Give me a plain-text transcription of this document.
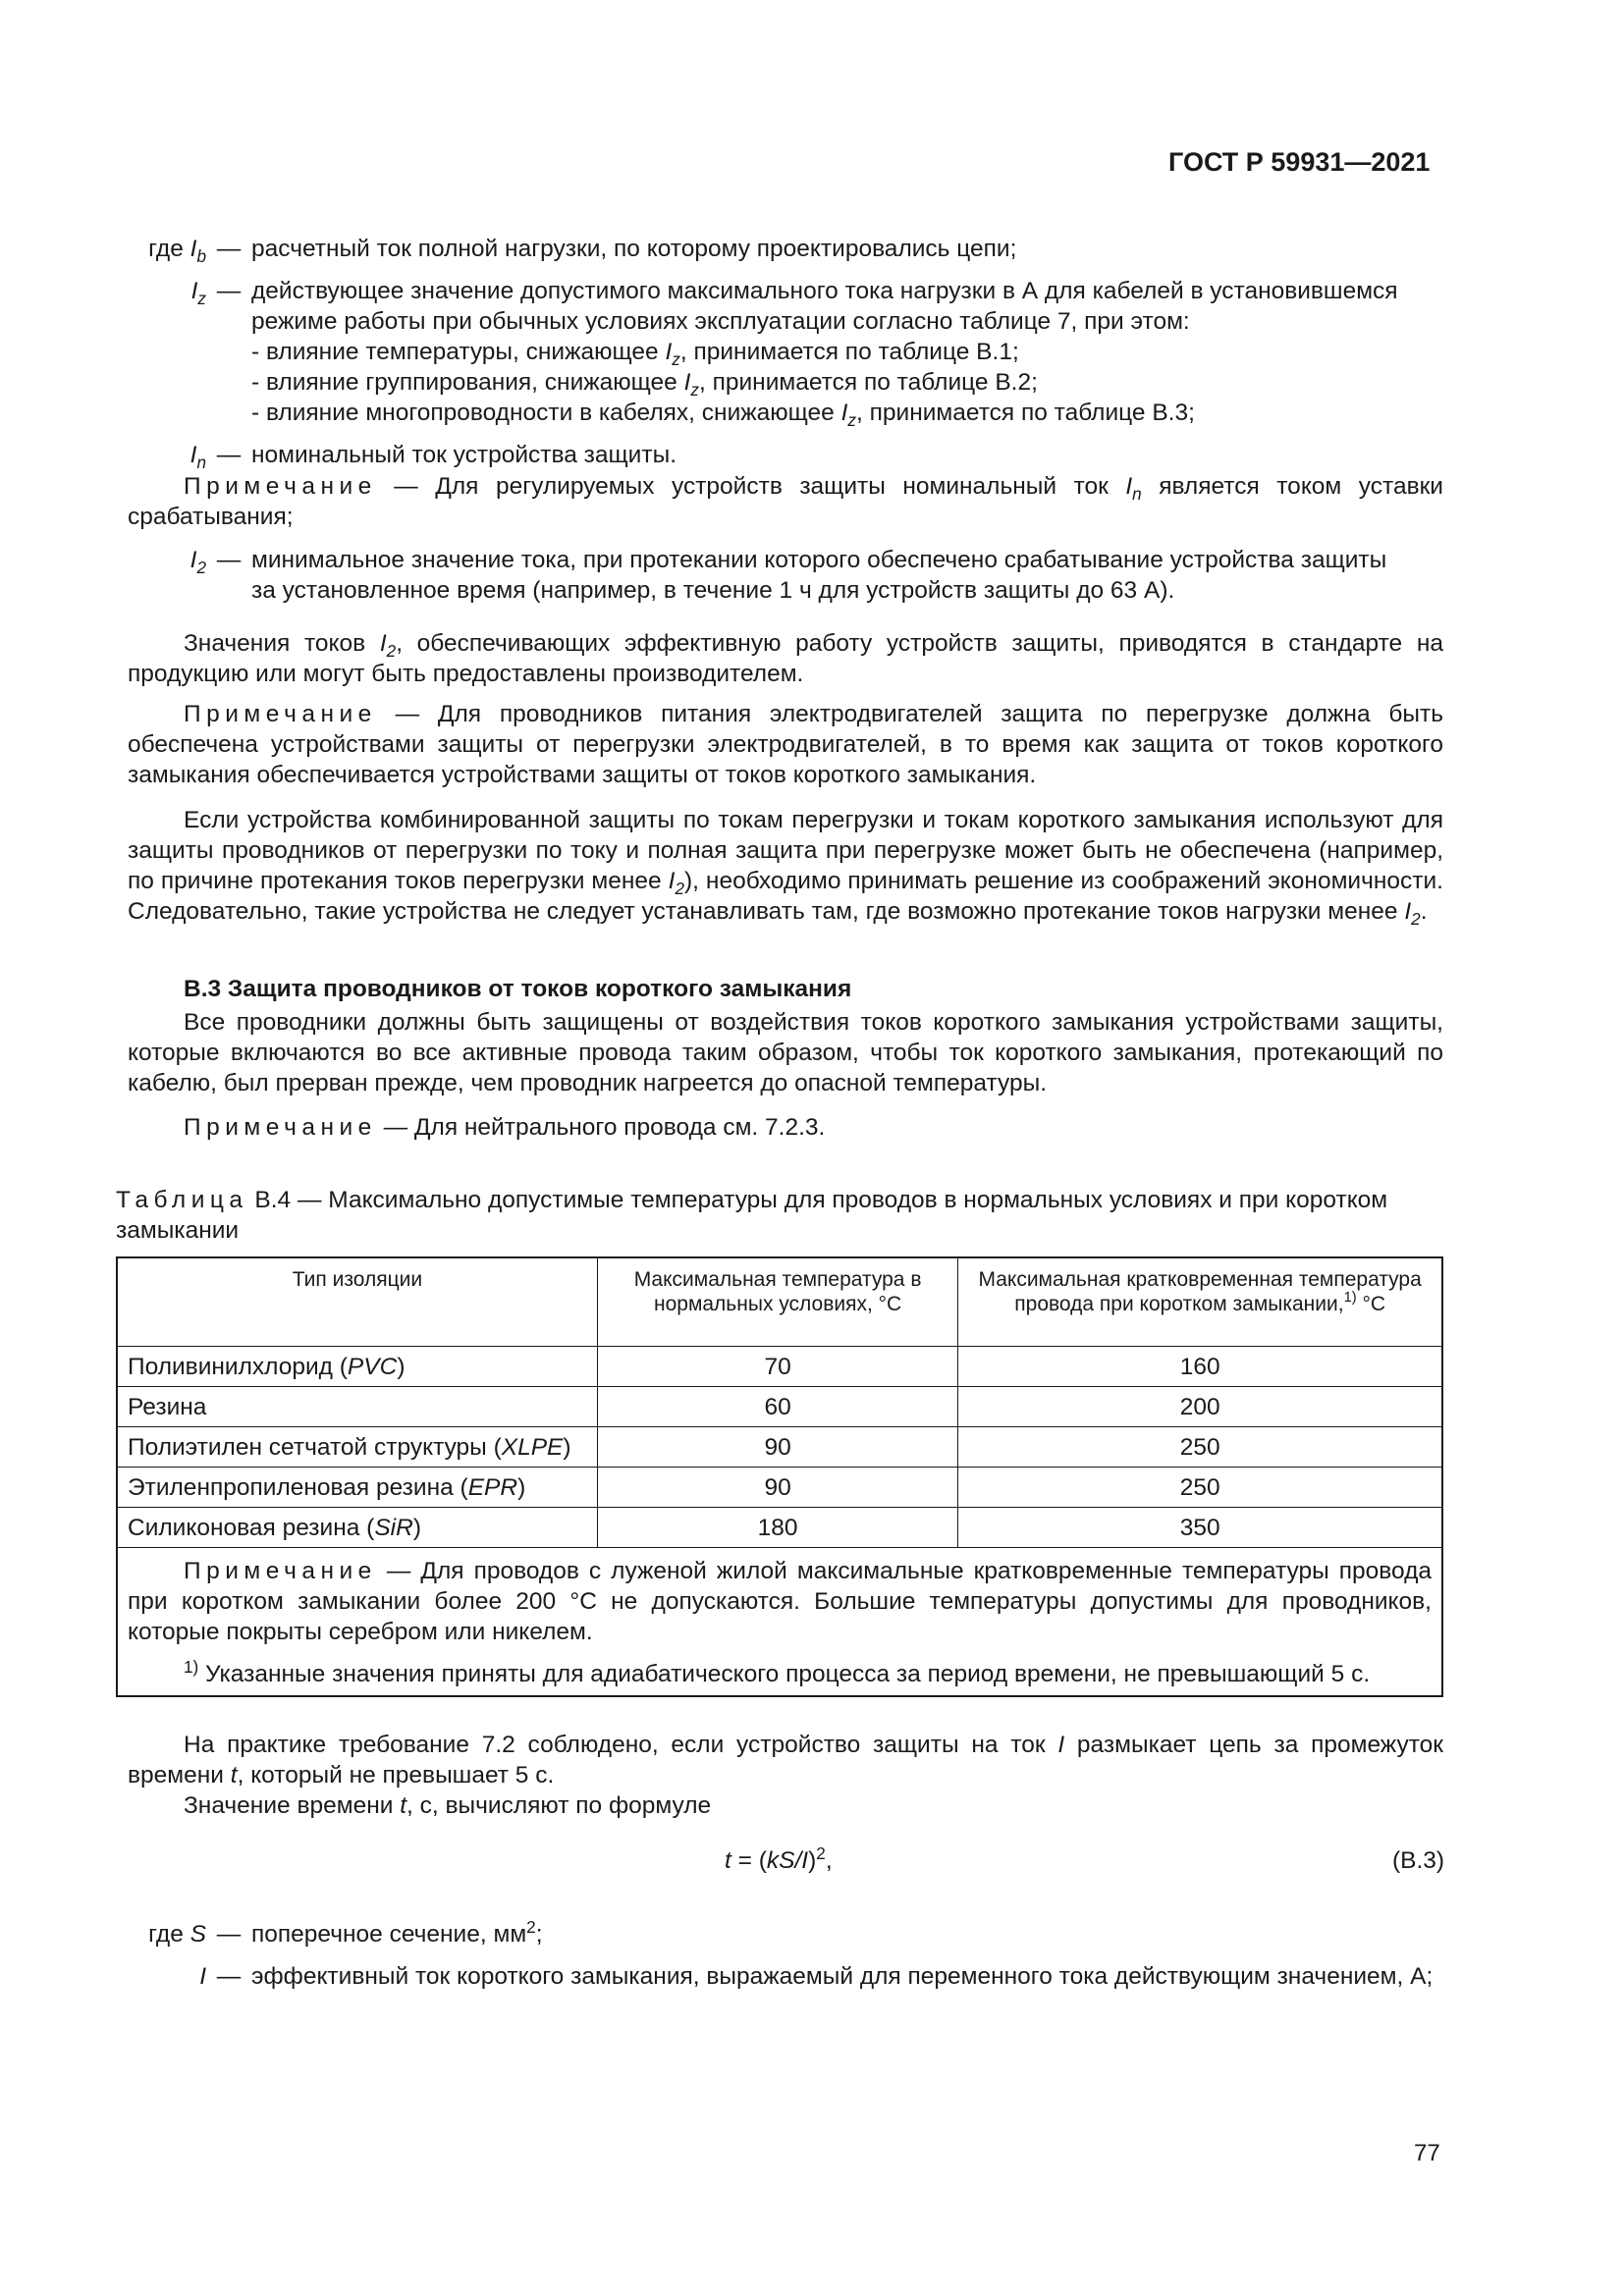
ГОСТ Р 59931—2021
где $I_b$ — расчетный ток полной нагрузки, по которому проектировались цепи;
$I_z$ — действующее значение допустимого максимального тока нагрузки в А для кабелей в установившемся
режиме работы при обычных условиях эксплуатации согласно таблице 7, при этом:
- влияние температуры, снижающее $I_z$, принимается по таблице В.1;
- влияние группирования, снижающее $I_z$, принимается по таблице В.2;
- влияние многопроводности в кабелях, снижающее $I_z$, принимается по таблице В.3;
$I_n$ — номинальный ток устройства защиты.

Примечание — Для регулируемых устройств защиты номинальный ток $I_n$ является током уставки срабатывания;

$I_2$ — минимальное значение тока, при протекании которого обеспечено срабатывание устройства защиты
за установленное время (например, в течение 1 ч для устройств защиты до 63 А).

Значения токов $I_2$, обеспечивающих эффективную работу устройств защиты, приводятся в стандарте на продукцию или могут быть предоставлены производителем.

Примечание — Для проводников питания электродвигателей защита по перегрузке должна быть обеспечена устройствами защиты от перегрузки электродвигателей, в то время как защита от токов короткого замыкания обеспечивается устройствами защиты от токов короткого замыкания.

Если устройства комбинированной защиты по токам перегрузки и токам короткого замыкания используют для защиты проводников от перегрузки по току и полная защита при перегрузке может быть не обеспечена (например, по причине протекания токов перегрузки менее $I_2$), необходимо принимать решение из соображений экономичности. Следовательно, такие устройства не следует устанавливать там, где возможно протекание токов нагрузки менее $I_2$.

В.3 Защита проводников от токов короткого замыкания

Все проводники должны быть защищены от воздействия токов короткого замыкания устройствами защиты, которые включаются во все активные провода таким образом, чтобы ток короткого замыкания, протекающий по кабелю, был прерван прежде, чем проводник нагреется до опасной температуры.

Примечание — Для нейтрального провода см. 7.2.3.

Таблица В.4 — Максимально допустимые температуры для проводов в нормальных условиях и при коротком замыкании
Тип изоляции	Максимальная температура в нормальных условиях, °С	Максимальная кратковременная температура провода при коротком замыкании,$^{1)}$ °С
Поливинилхлорид (PVC)	70	160
Резина	60	200
Полиэтилен сетчатой структуры (XLPE)	90	250
Этиленпропиленовая резина (EPR)	90	250
Силиконовая резина (SiR)	180	350

Примечание — Для проводов с луженой жилой максимальные кратковременные температуры провода при коротком замыкании более 200 °С не допускаются. Большие температуры допустимы для проводников, которые покрыты серебром или никелем.
$^{1)}$ Указанные значения приняты для адиабатического процесса за период времени, не превышающий 5 с.		

На практике требование 7.2 соблюдено, если устройство защиты на ток I размыкает цепь за промежуток времени t, который не превышает 5 с.

Значение времени t, с, вычисляют по формуле

$t = (kS/I)^2$,	(В.3)
где S — поперечное сечение, $мм^2$;
I — эффективный ток короткого замыкания, выражаемый для переменного тока действующим значением, А;
77
